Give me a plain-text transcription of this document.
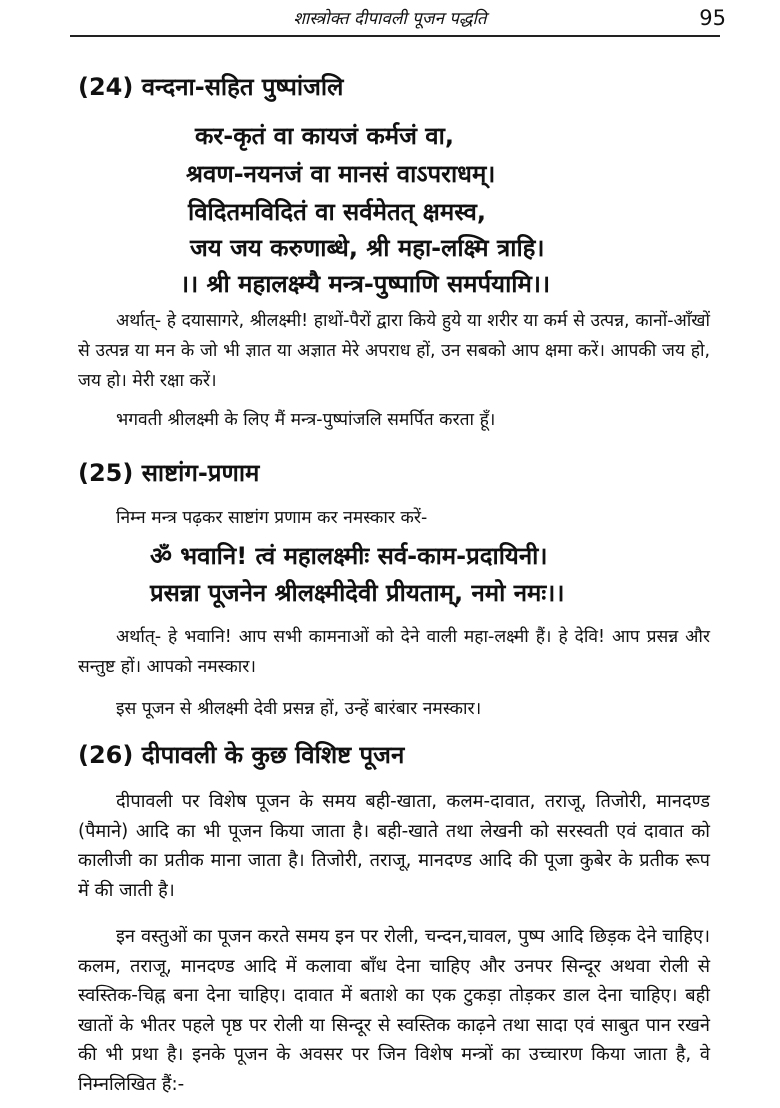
शास्त्रोक्त दीपावली पूजन पद्धति	95
(24) वन्दना-सहित पुष्पांजलि
कर-कृतं वा कायजं कर्मजं वा,
श्रवण-नयनजं वा मानसं वाऽपराधम्।
विदितमविदितं वा सर्वमेतत् क्षमस्व,
जय जय करुणाब्धे, श्री महा-लक्ष्मि त्राहि।
।। श्री महालक्ष्म्यै मन्त्र-पुष्पाणि समर्पयामि।।
अर्थात्- हे दयासागरे, श्रीलक्ष्मी! हाथों-पैरों द्वारा किये हुये या शरीर या कर्म से उत्पन्न, कानों-आँखों से उत्पन्न या मन के जो भी ज्ञात या अज्ञात मेरे अपराध हों, उन सबको आप क्षमा करें। आपकी जय हो, जय हो। मेरी रक्षा करें।
भगवती श्रीलक्ष्मी के लिए मैं मन्त्र-पुष्पांजलि समर्पित करता हूँ।
(25) साष्टांग-प्रणाम
निम्न मन्त्र पढ़कर साष्टांग प्रणाम कर नमस्कार करें-
ॐ भवानि! त्वं महालक्ष्मीः सर्व-काम-प्रदायिनी।
प्रसन्ना पूजनेन श्रीलक्ष्मीदेवी प्रीयताम्, नमो नमः।।
अर्थात्- हे भवानि! आप सभी कामनाओं को देने वाली महा-लक्ष्मी हैं। हे देवि! आप प्रसन्न और सन्तुष्ट हों। आपको नमस्कार।
इस पूजन से श्रीलक्ष्मी देवी प्रसन्न हों, उन्हें बारंबार नमस्कार।
(26) दीपावली के कुछ विशिष्ट पूजन
दीपावली पर विशेष पूजन के समय बही-खाता, कलम-दावात, तराजू, तिजोरी, मानदण्ड (पैमाने) आदि का भी पूजन किया जाता है। बही-खाते तथा लेखनी को सरस्वती एवं दावात को कालीजी का प्रतीक माना जाता है। तिजोरी, तराजू, मानदण्ड आदि की पूजा कुबेर के प्रतीक रूप में की जाती है।
इन वस्तुओं का पूजन करते समय इन पर रोली, चन्दन,चावल, पुष्प आदि छिड़क देने चाहिए। कलम, तराजू, मानदण्ड आदि में कलावा बाँध देना चाहिए और उनपर सिन्दूर अथवा रोली से स्वस्तिक-चिह्न बना देना चाहिए। दावात में बताशे का एक टुकड़ा तोड़कर डाल देना चाहिए। बही खातों के भीतर पहले पृष्ठ पर रोली या सिन्दूर से स्वस्तिक काढ़ने तथा सादा एवं साबुत पान रखने की भी प्रथा है। इनके पूजन के अवसर पर जिन विशेष मन्त्रों का उच्चारण किया जाता है, वे निम्नलिखित हैं:-
